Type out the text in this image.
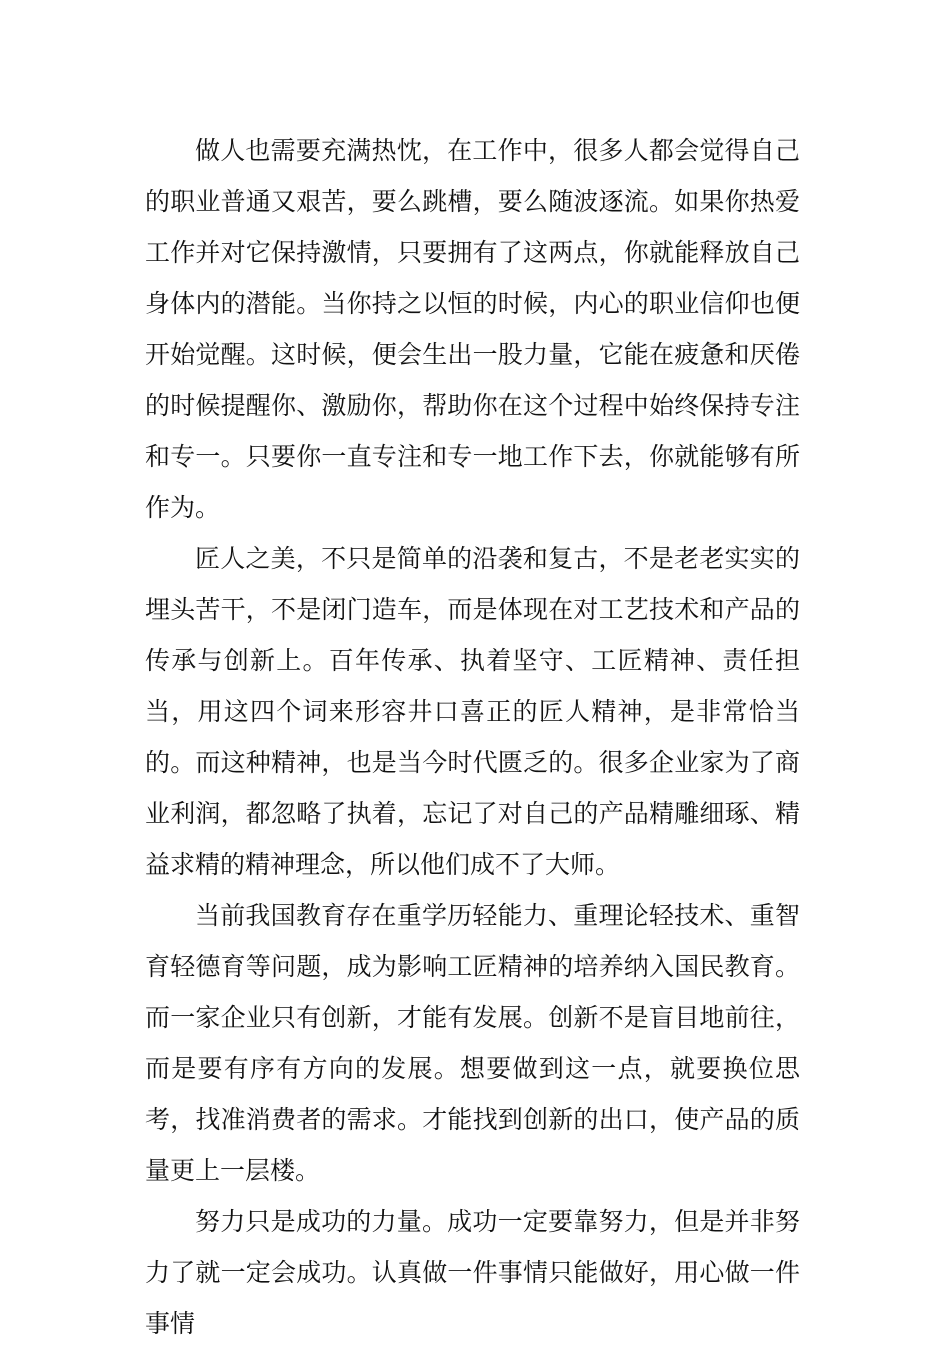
做人也需要充满热忱，在工作中，很多人都会觉得自己的职业普通又艰苦，要么跳槽，要么随波逐流。如果你热爱工作并对它保持激情，只要拥有了这两点，你就能释放自己身体内的潜能。当你持之以恒的时候，内心的职业信仰也便开始觉醒。这时候，便会生出一股力量，它能在疲惫和厌倦的时候提醒你、激励你，帮助你在这个过程中始终保持专注和专一。只要你一直专注和专一地工作下去，你就能够有所作为。

匠人之美，不只是简单的沿袭和复古，不是老老实实的埋头苦干，不是闭门造车，而是体现在对工艺技术和产品的传承与创新上。百年传承、执着坚守、工匠精神、责任担当，用这四个词来形容井口喜正的匠人精神，是非常恰当的。而这种精神，也是当今时代匮乏的。很多企业家为了商业利润，都忽略了执着，忘记了对自己的产品精雕细琢、精益求精的精神理念，所以他们成不了大师。

当前我国教育存在重学历轻能力、重理论轻技术、重智育轻德育等问题，成为影响工匠精神的培养纳入国民教育。而一家企业只有创新，才能有发展。创新不是盲目地前往，而是要有序有方向的发展。想要做到这一点，就要换位思考，找准消费者的需求。才能找到创新的出口，使产品的质量更上一层楼。

努力只是成功的力量。成功一定要靠努力，但是并非努力了就一定会成功。认真做一件事情只能做好，用心做一件事情
